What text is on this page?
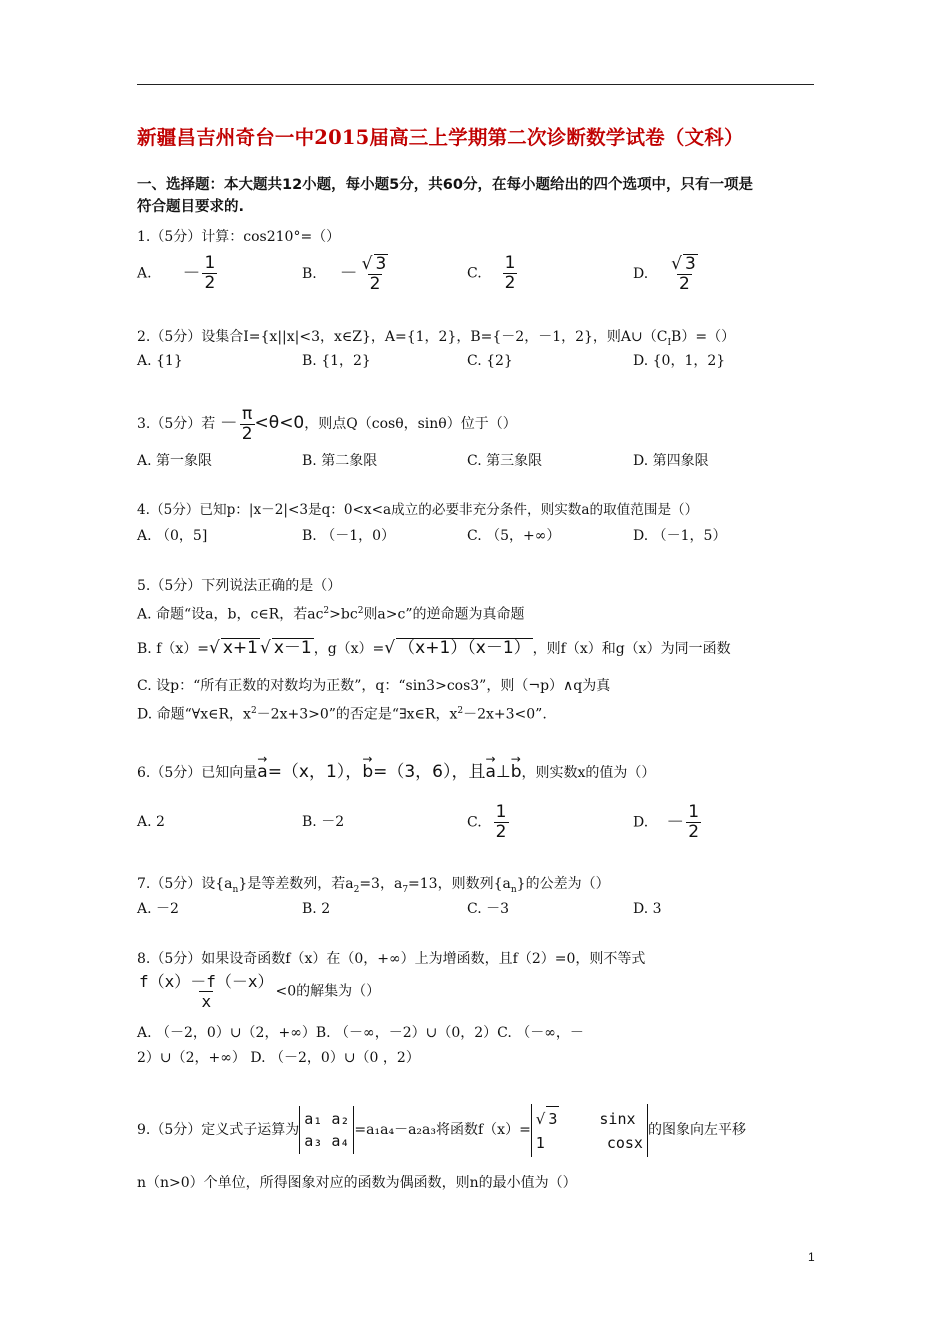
新疆昌吉州奇台一中2015届高三上学期第二次诊断数学试卷（文科）
一、选择题：本大题共12小题，每小题5分，共60分，在每小题给出的四个选项中，只有一项是
符合题目要求的.
1.（5分）计算：cos210°=（）
A. － $\frac{1}{2}$	B. － $\frac{√ 3}{2}$	C. $\frac{1}{2}$	D. $\frac{√ 3}{2}$
2.（5分）设集合I={x||x|<3，x∈Z}，A={1，2}，B={－2，－1，2}，则$A\cup(C_IB)=()$
A. {1}	B. {1，2}	C. {2}	D. {0，1，2}
3.（5分）若 － $\frac{\pi}{2} <\theta<0$，则点Q（cosθ，sinθ）位于（）
A. 第一象限	B. 第二象限	C. 第三象限	D. 第四象限
4.（5分）已知p：|x－2|<3是q：0<x<a成立的必要非充分条件，则实数a的取值范围是（）
A. （0，5]	B. （－1，0）	C. （5，+∞）	D. （－1，5）
5.（5分）下列说法正确的是（）
A. 命题“设a，b，c∈R，若$ac^2>bc^2$则a>c”的逆命题为真命题
B. f（x）=√ x+1 √ x－1 ，g（x）=√ （x+1）（x－1） ，则f（x）和g（x）为同一函数
C. 设p：“所有正数的对数均为正数”，q：“sin3>cos3”，则（¬p）∧q为真
D. 命题“∀x∈R，$x^2-2x+3>0$”的否定是“∃x∈R，$x^2-2x+3<0$”.
6.（5分）已知向量→ a=（x，1），→ b=（3，6），且→ a⊥→ b，则实数x的值为（）
A. 2	B. －2	C. $\frac{1}{2}$	D. － $\frac{1}{2}$
7.（5分）设$\{a_n\}$是等差数列，若$a_2=3$，$a_7=13$，则数列$\{a_n\}$的公差为（）
A. －2	B. 2	C. －3	D. 3
8.（5分）如果设奇函数f（x）在（0，+∞）上为增函数，且f（2）=0，则不等式
$\frac{f(x)-f(-x)}{x} <0$的解集为（）
A. （－2，0）∪（2，+∞）B. （－∞，－2）∪（0，2）C. （－∞，－
2）∪（2，+∞） D. （－2，0）∪（0 ，2）
9.（5分）定义式子运算为a₁ a₂
a₃ a₄=a₁a₄－a₂a₃将函数f（x）=√ 3	sinx
1	cosx的图象向左平移
n（n>0）个单位，所得图象对应的函数为偶函数，则n的最小值为（）
1
